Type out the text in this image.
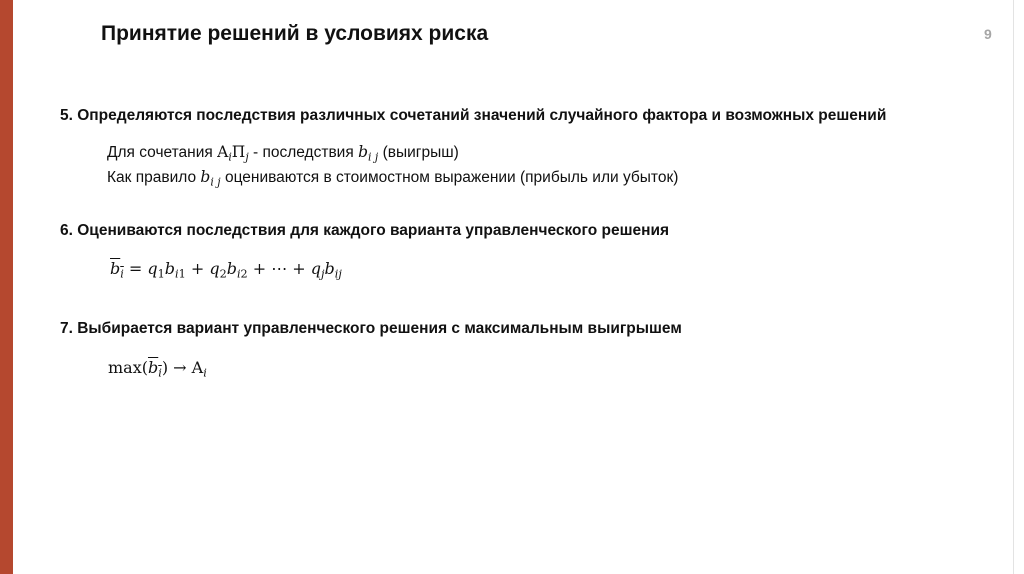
Принятие решений в условиях риска	9
5. Определяются последствия различных сочетаний значений случайного фактора и возможных решений
Для сочетания $A_i\Pi_j$ - последствия $b_{i j}$ (выигрыш)
Как правило $b_{i j}$ оцениваются в стоимостном выражении (прибыль или убыток)
6. Оцениваются последствия для каждого варианта управленческого решения
$b_i = q_1b_{i1} + q_2b_{i2}$ + ⋯ + $q_jb_{ij}$
7. Выбирается вариант управленческого решения с максимальным выигрышем
$\max(b_i) \to A_i$
